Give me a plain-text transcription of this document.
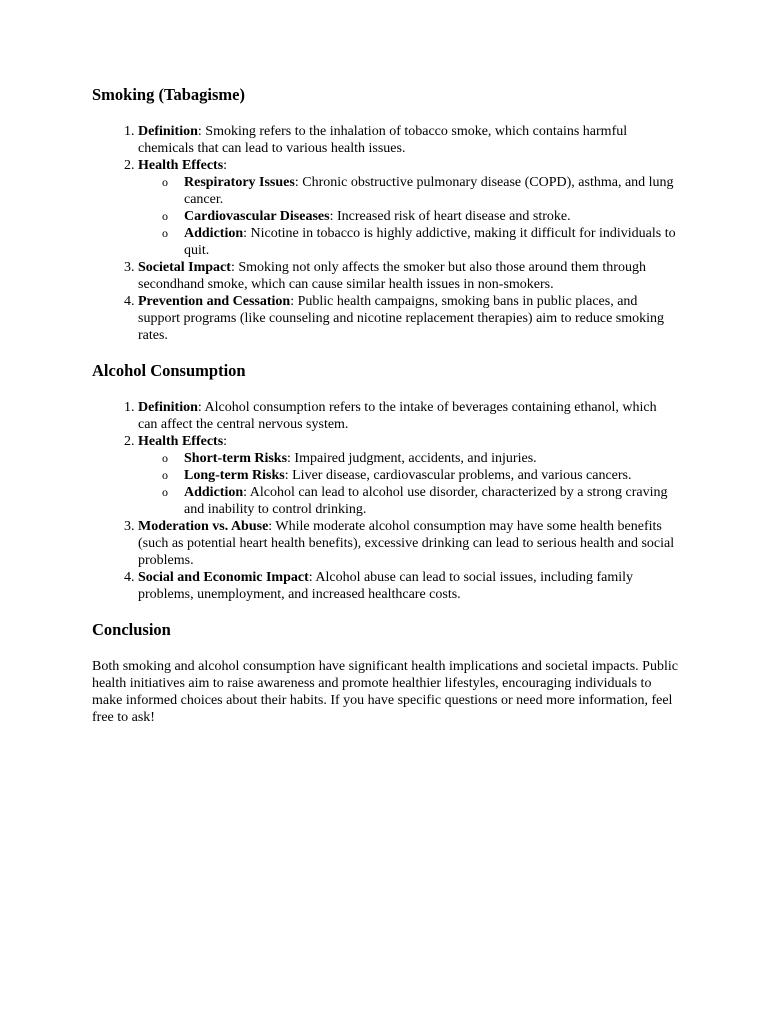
Smoking (Tabagisme)
1. Definition: Smoking refers to the inhalation of tobacco smoke, which contains harmful chemicals that can lead to various health issues.
2. Health Effects:
o Respiratory Issues: Chronic obstructive pulmonary disease (COPD), asthma, and lung cancer.
o Cardiovascular Diseases: Increased risk of heart disease and stroke.
o Addiction: Nicotine in tobacco is highly addictive, making it difficult for individuals to quit.
3. Societal Impact: Smoking not only affects the smoker but also those around them through secondhand smoke, which can cause similar health issues in non-smokers.
4. Prevention and Cessation: Public health campaigns, smoking bans in public places, and support programs (like counseling and nicotine replacement therapies) aim to reduce smoking rates.
Alcohol Consumption
1. Definition: Alcohol consumption refers to the intake of beverages containing ethanol, which can affect the central nervous system.
2. Health Effects:
o Short-term Risks: Impaired judgment, accidents, and injuries.
o Long-term Risks: Liver disease, cardiovascular problems, and various cancers.
o Addiction: Alcohol can lead to alcohol use disorder, characterized by a strong craving and inability to control drinking.
3. Moderation vs. Abuse: While moderate alcohol consumption may have some health benefits (such as potential heart health benefits), excessive drinking can lead to serious health and social problems.
4. Social and Economic Impact: Alcohol abuse can lead to social issues, including family problems, unemployment, and increased healthcare costs.
Conclusion

Both smoking and alcohol consumption have significant health implications and societal impacts. Public health initiatives aim to raise awareness and promote healthier lifestyles, encouraging individuals to make informed choices about their habits. If you have specific questions or need more information, feel free to ask!
